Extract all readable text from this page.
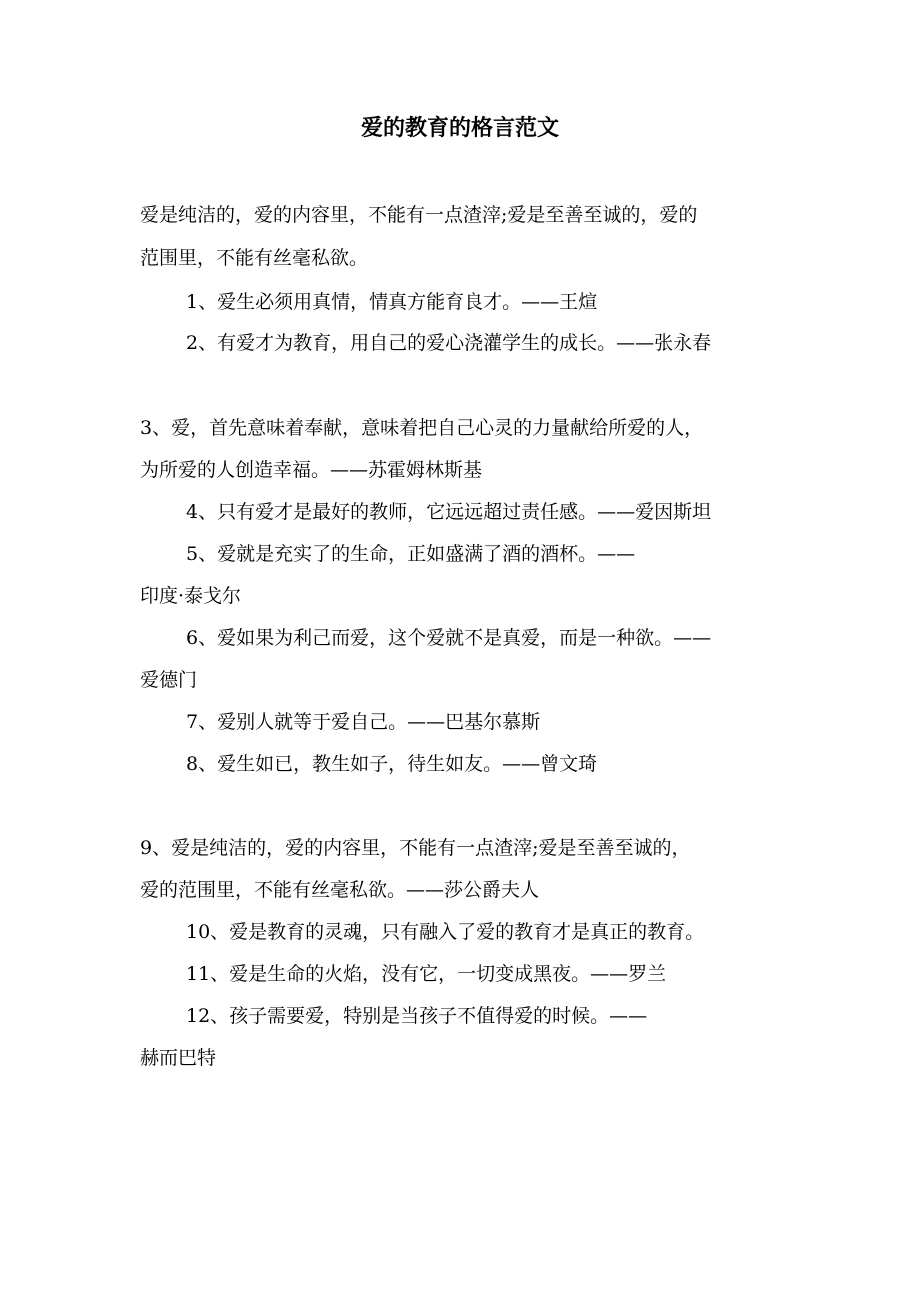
爱的教育的格言范文
爱是纯洁的，爱的内容里，不能有一点渣滓;爱是至善至诚的，爱的
范围里，不能有丝毫私欲。
1、爱生必须用真情，情真方能育良才。——王煊
2、有爱才为教育，用自己的爱心浇灌学生的成长。——张永春
3、爱，首先意味着奉献，意味着把自己心灵的力量献给所爱的人，
为所爱的人创造幸福。——苏霍姆林斯基
4、只有爱才是最好的教师，它远远超过责任感。——爱因斯坦
5、爱就是充实了的生命，正如盛满了酒的酒杯。——
印度·泰戈尔
6、爱如果为利己而爱，这个爱就不是真爱，而是一种欲。——
爱德门
7、爱别人就等于爱自己。——巴基尔慕斯
8、爱生如已，教生如子，待生如友。——曾文琦
9、爱是纯洁的，爱的内容里，不能有一点渣滓;爱是至善至诚的，
爱的范围里，不能有丝毫私欲。——莎公爵夫人
10、爱是教育的灵魂，只有融入了爱的教育才是真正的教育。
11、爱是生命的火焰，没有它，一切变成黑夜。——罗兰
12、孩子需要爱，特别是当孩子不值得爱的时候。——
赫而巴特
